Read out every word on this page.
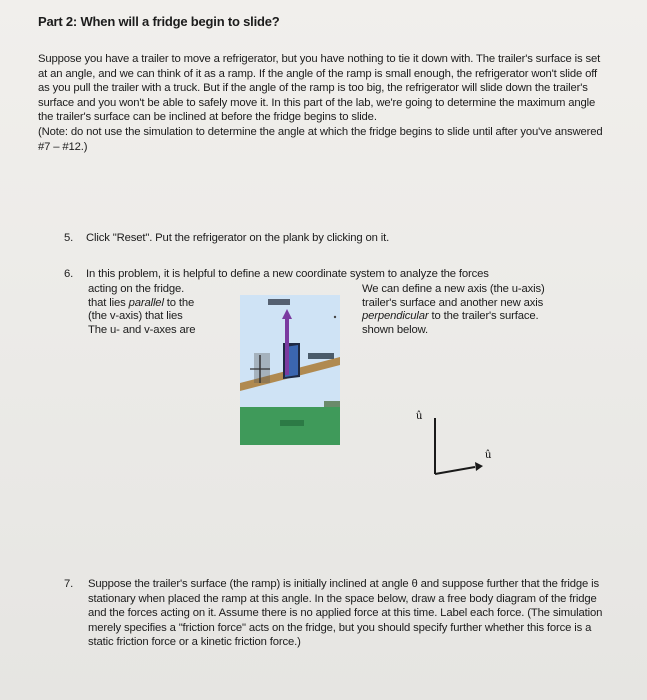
Part 2: When will a fridge begin to slide?

Suppose you have a trailer to move a refrigerator, but you have nothing to tie it down with. The trailer's surface is set at an angle, and we can think of it as a ramp. If the angle of the ramp is small enough, the refrigerator won't slide off as you pull the trailer with a truck. But if the angle of the ramp is too big, the refrigerator will slide down the trailer's surface and you won't be able to safely move it. In this part of the lab, we're going to determine the maximum angle the trailer's surface can be inclined at before the fridge begins to slide.

(Note: do not use the simulation to determine the angle at which the fridge begins to slide until after you've answered #7 – #12.)

5. Click "Reset". Put the refrigerator on the plank by clicking on it.
6. In this problem, it is helpful to define a new coordinate system to analyze the forces
acting on the fridge.
that lies parallel to the
(the v-axis) that lies
The u- and v-axes are
We can define a new axis (the u-axis)
trailer's surface and another new axis
perpendicular to the trailer's surface.
shown below.
û
û
7. Suppose the trailer's surface (the ramp) is initially inclined at angle θ and suppose further that the fridge is stationary when placed the ramp at this angle. In the space below, draw a free body diagram of the fridge and the forces acting on it. Assume there is no applied force at this time. Label each force. (The simulation merely specifies a "friction force" acts on the fridge, but you should specify further whether this force is a static friction force or a kinetic friction force.)
